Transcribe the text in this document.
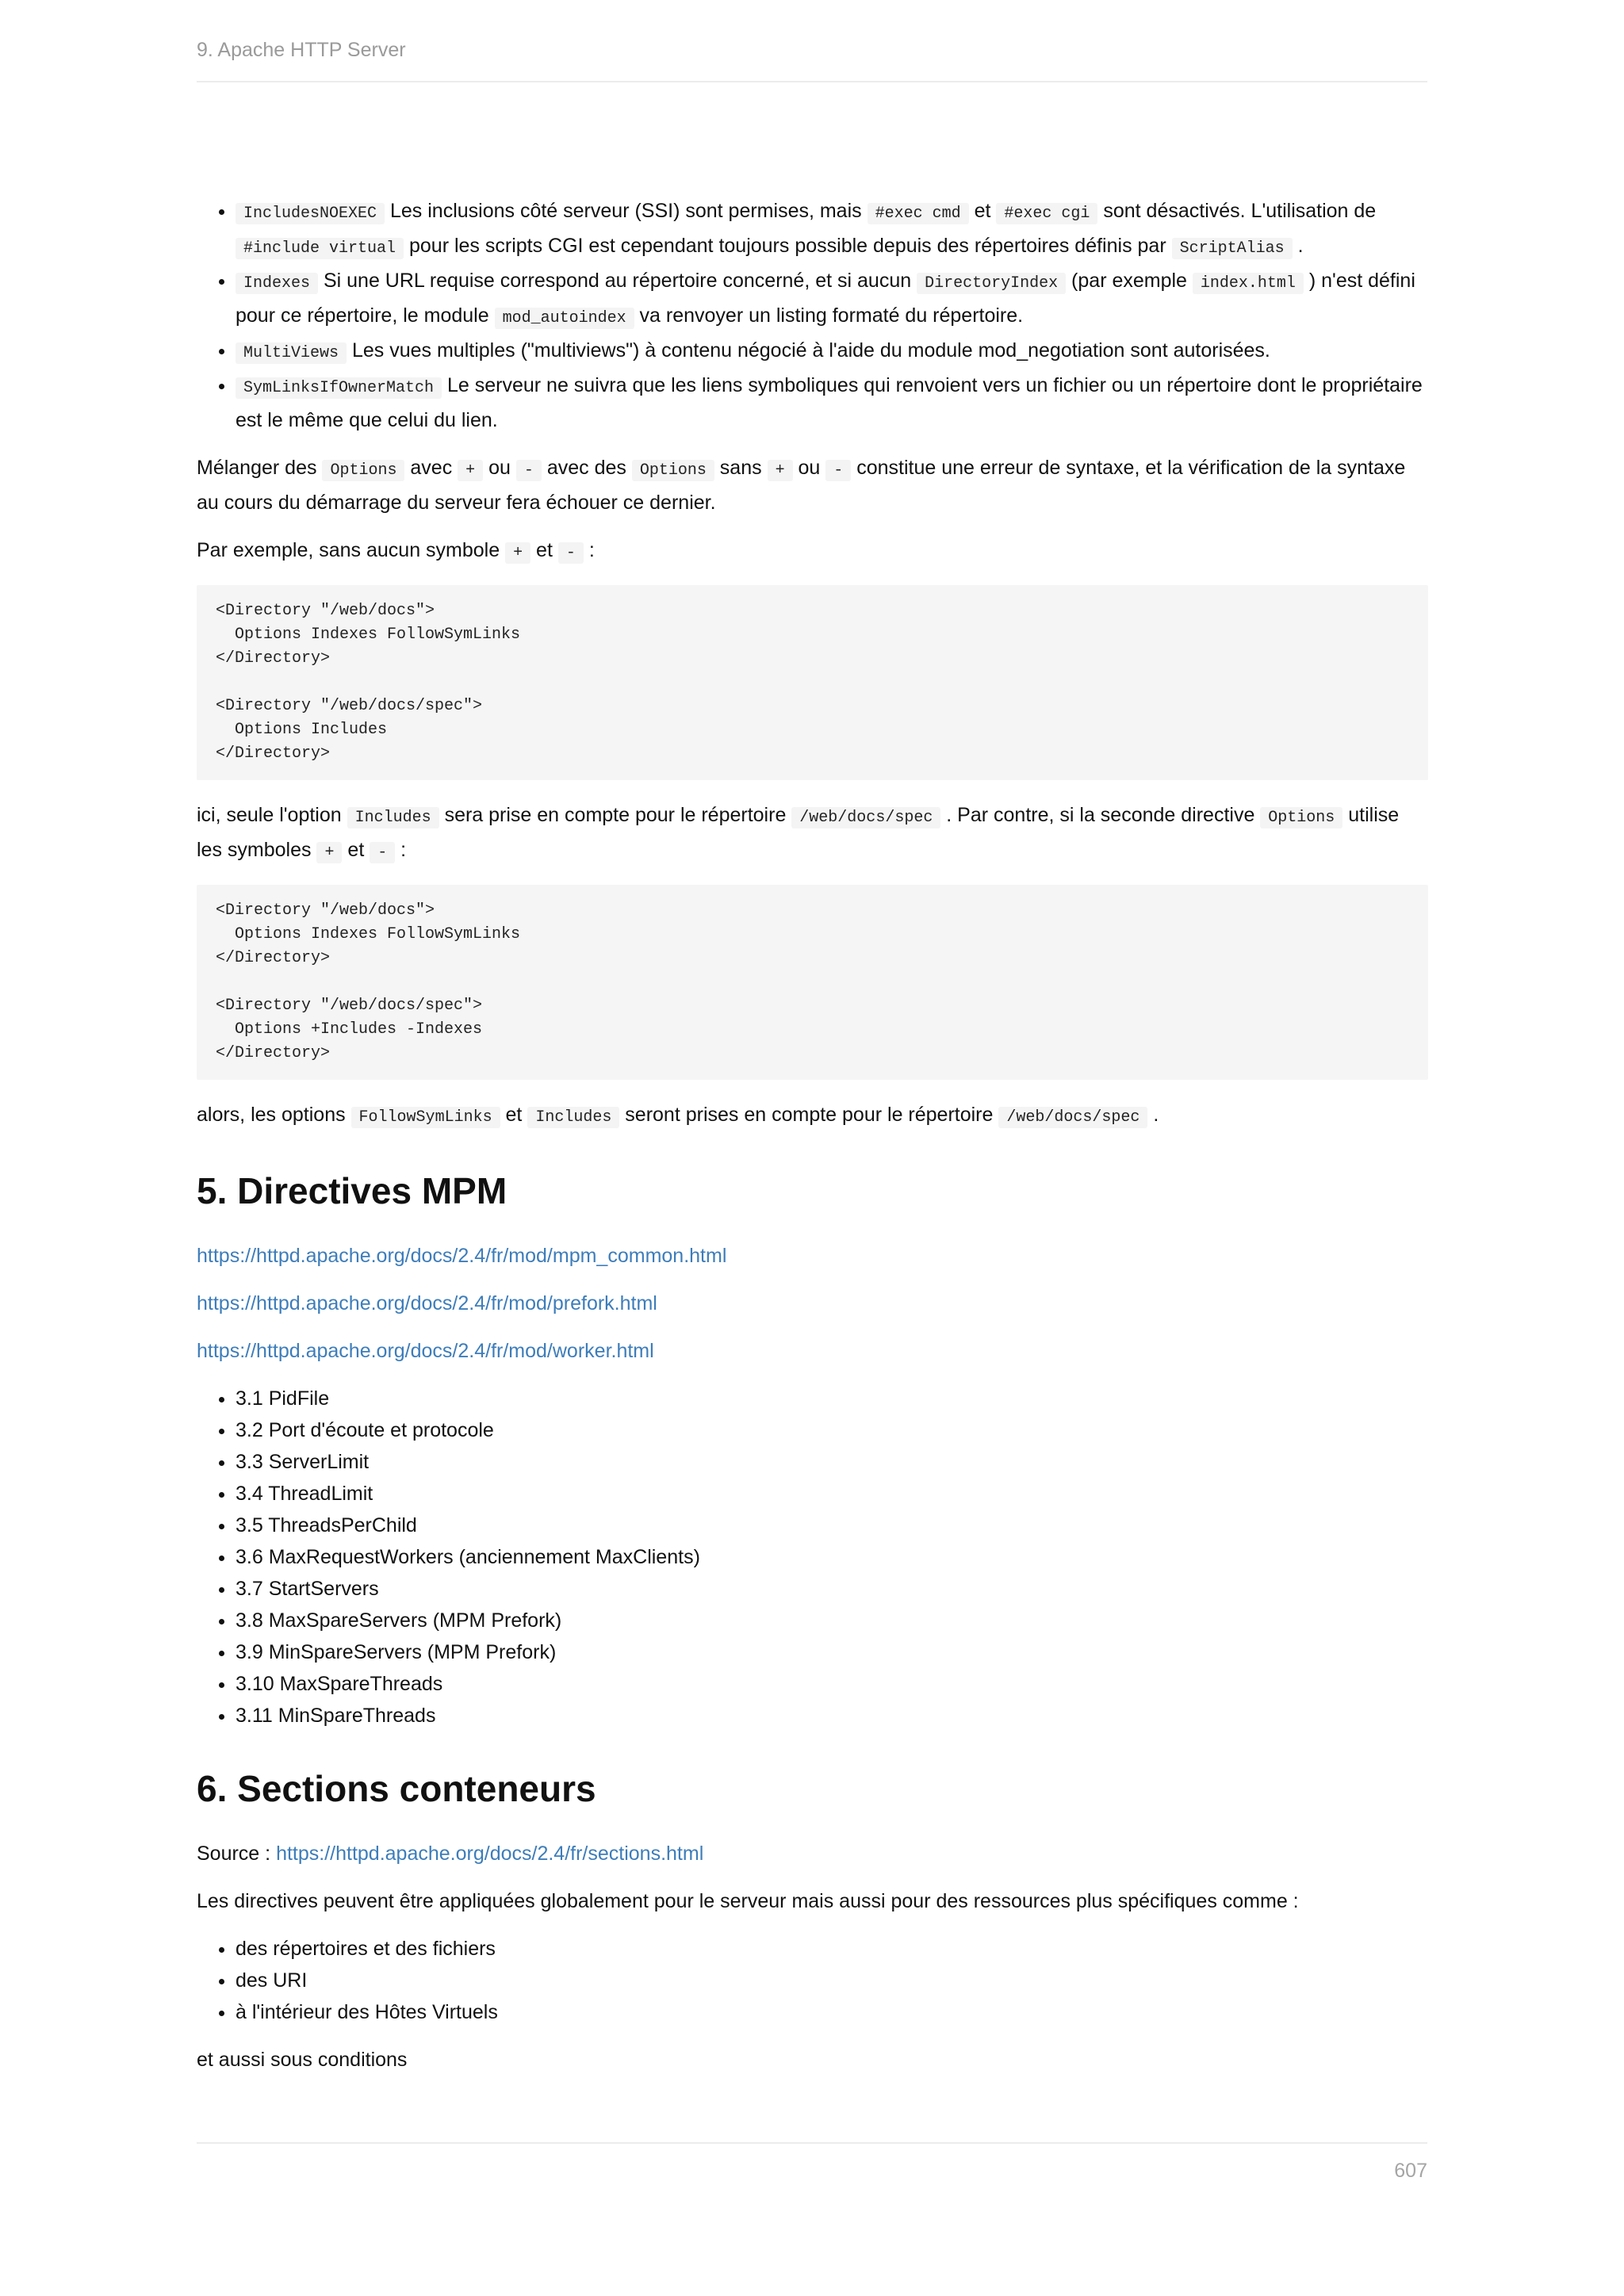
9. Apache HTTP Server
• IncludesNOEXEC Les inclusions côté serveur (SSI) sont permises, mais #exec cmd et #exec cgi sont désactivés. L'utilisation de #include virtual pour les scripts CGI est cependant toujours possible depuis des répertoires définis par ScriptAlias .
• Indexes Si une URL requise correspond au répertoire concerné, et si aucun DirectoryIndex (par exemple index.html ) n'est défini pour ce répertoire, le module mod_autoindex va renvoyer un listing formaté du répertoire.
• MultiViews Les vues multiples ("multiviews") à contenu négocié à l'aide du module mod_negotiation sont autorisées.
• SymLinksIfOwnerMatch Le serveur ne suivra que les liens symboliques qui renvoient vers un fichier ou un répertoire dont le propriétaire est le même que celui du lien.

Mélanger des Options avec + ou - avec des Options sans + ou - constitue une erreur de syntaxe, et la vérification de la syntaxe au cours du démarrage du serveur fera échouer ce dernier.

Par exemple, sans aucun symbole + et - :

<Directory "/web/docs">
Options Indexes FollowSymLinks
</Directory>

<Directory "/web/docs/spec">
Options Includes
</Directory>

ici, seule l'option Includes sera prise en compte pour le répertoire /web/docs/spec . Par contre, si la seconde directive Options utilise les symboles + et - :

<Directory "/web/docs">
Options Indexes FollowSymLinks
</Directory>

<Directory "/web/docs/spec">
Options +Includes -Indexes
</Directory>

alors, les options FollowSymLinks et Includes seront prises en compte pour le répertoire /web/docs/spec .

5. Directives MPM

https://httpd.apache.org/docs/2.4/fr/mod/mpm_common.html

https://httpd.apache.org/docs/2.4/fr/mod/prefork.html

https://httpd.apache.org/docs/2.4/fr/mod/worker.html

• 3.1 PidFile
• 3.2 Port d'écoute et protocole
• 3.3 ServerLimit
• 3.4 ThreadLimit
• 3.5 ThreadsPerChild
• 3.6 MaxRequestWorkers (anciennement MaxClients)
• 3.7 StartServers
• 3.8 MaxSpareServers (MPM Prefork)
• 3.9 MinSpareServers (MPM Prefork)
• 3.10 MaxSpareThreads
• 3.11 MinSpareThreads
6. Sections conteneurs

Source : https://httpd.apache.org/docs/2.4/fr/sections.html

Les directives peuvent être appliquées globalement pour le serveur mais aussi pour des ressources plus spécifiques comme :

• des répertoires et des fichiers
• des URI
• à l'intérieur des Hôtes Virtuels

et aussi sous conditions

607
